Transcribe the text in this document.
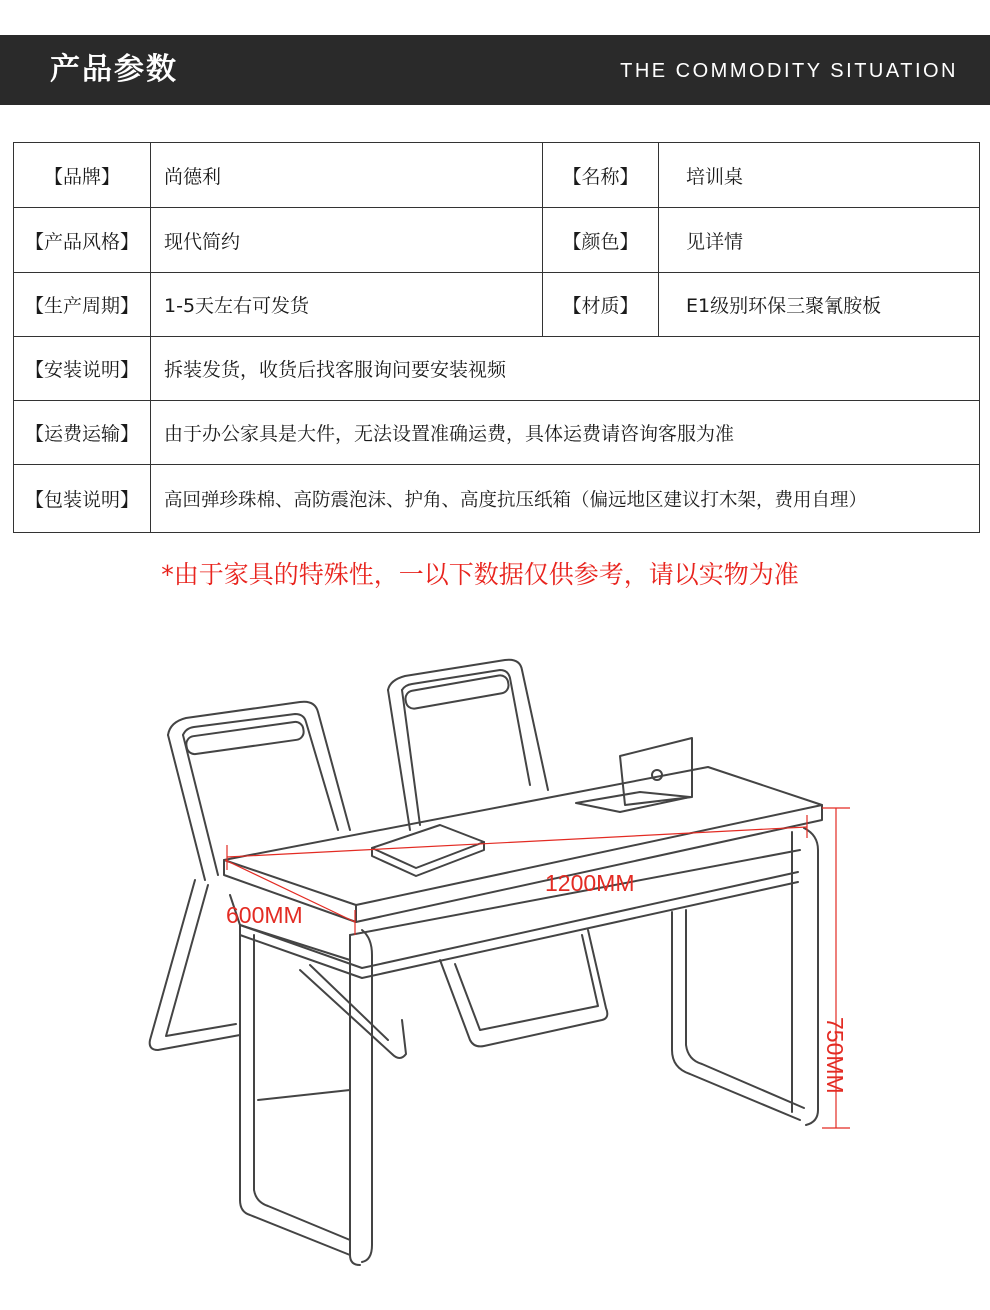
产品参数	THE COMMODITY SITUATION
【品牌】	尚德利	【名称】	培训桌
【产品风格】	现代简约	【颜色】	见详情
【生产周期】	1-5天左右可发货	【材质】	E1级别环保三聚氰胺板
【安装说明】	拆装发货，收货后找客服询问要安装视频		
【运费运输】	由于办公家具是大件，无法设置准确运费，具体运费请咨询客服为准		
【包装说明】	高回弹珍珠棉、高防震泡沫、护角、高度抗压纸箱（偏远地区建议打木架，费用自理）		
*由于家具的特殊性，一以下数据仅供参考，请以实物为准
1200MM
600MM
750MM
